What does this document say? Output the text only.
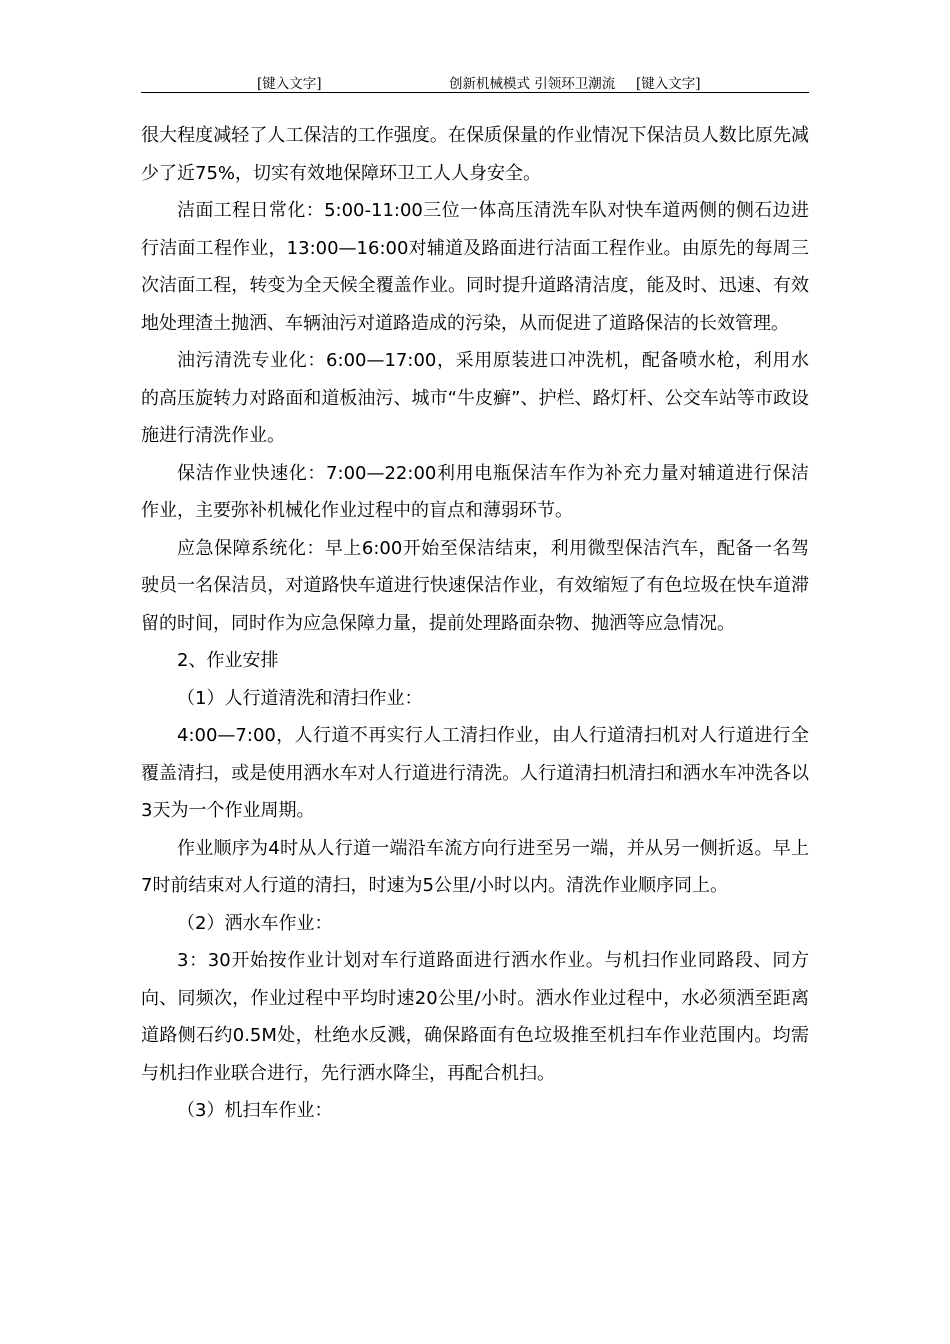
[键入文字]	创新机械模式 引领环卫潮流 [键入文字]

很大程度减轻了人工保洁的工作强度。在保质保量的作业情况下保洁员人数比原先减少了近75%，切实有效地保障环卫工人人身安全。

洁面工程日常化：5:00-11:00三位一体高压清洗车队对快车道两侧的侧石边进行洁面工程作业，13:00—16:00对辅道及路面进行洁面工程作业。由原先的每周三次洁面工程，转变为全天候全覆盖作业。同时提升道路清洁度，能及时、迅速、有效地处理渣土抛洒、车辆油污对道路造成的污染，从而促进了道路保洁的长效管理。

油污清洗专业化：6:00—17:00，采用原装进口冲洗机，配备喷水枪，利用水的高压旋转力对路面和道板油污、城市“牛皮癣”、护栏、路灯杆、公交车站等市政设施进行清洗作业。

保洁作业快速化：7:00—22:00利用电瓶保洁车作为补充力量对辅道进行保洁作业，主要弥补机械化作业过程中的盲点和薄弱环节。

应急保障系统化：早上6:00开始至保洁结束，利用微型保洁汽车，配备一名驾驶员一名保洁员，对道路快车道进行快速保洁作业，有效缩短了有色垃圾在快车道滞留的时间，同时作为应急保障力量，提前处理路面杂物、抛洒等应急情况。

2、作业安排

（1）人行道清洗和清扫作业：

4:00—7:00，人行道不再实行人工清扫作业，由人行道清扫机对人行道进行全覆盖清扫，或是使用洒水车对人行道进行清洗。人行道清扫机清扫和洒水车冲洗各以3天为一个作业周期。

作业顺序为4时从人行道一端沿车流方向行进至另一端，并从另一侧折返。早上7时前结束对人行道的清扫，时速为5公里/小时以内。清洗作业顺序同上。

（2）洒水车作业：

3：30开始按作业计划对车行道路面进行洒水作业。与机扫作业同路段、同方向、同频次，作业过程中平均时速20公里/小时。洒水作业过程中，水必须洒至距离道路侧石约0.5M处，杜绝水反溅，确保路面有色垃圾推至机扫车作业范围内。均需与机扫作业联合进行，先行洒水降尘，再配合机扫。

（3）机扫车作业：
